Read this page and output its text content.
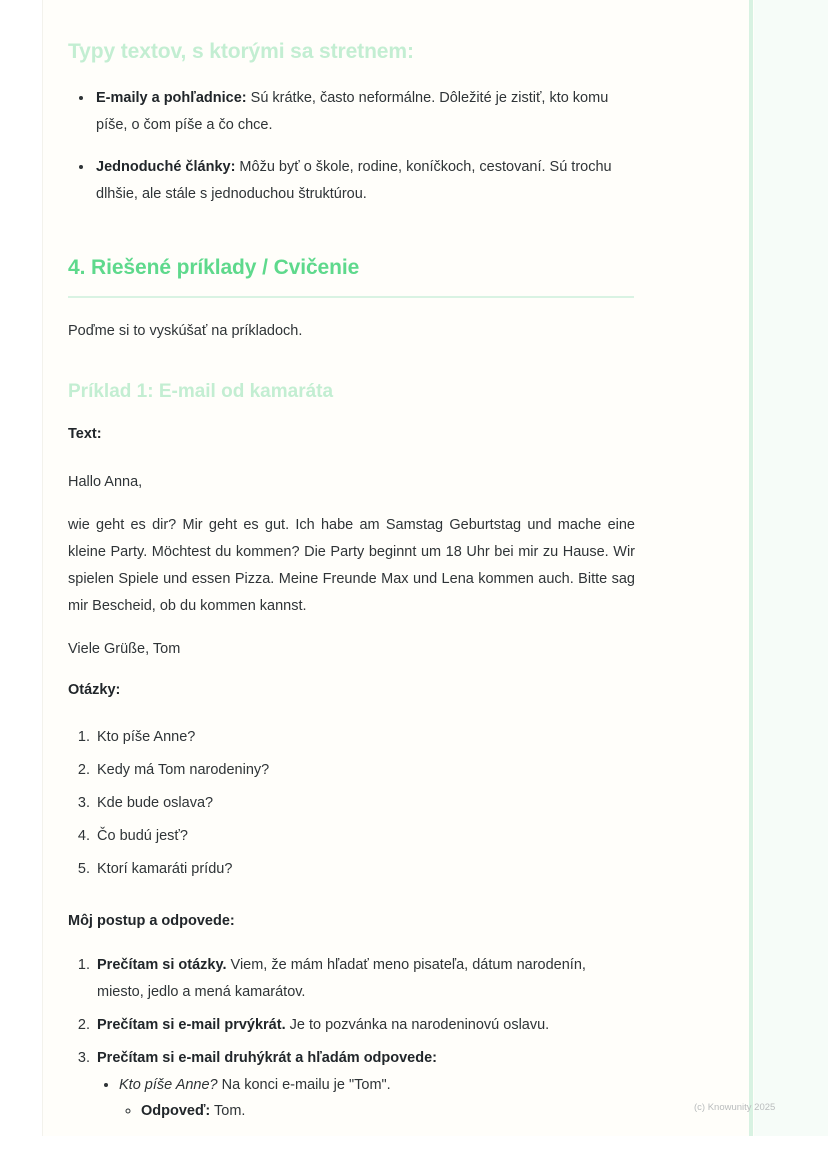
Typy textov, s ktorými sa stretnem:
• E-maily a pohľadnice: Sú krátke, často neformálne. Dôležité je zistiť, kto komu píše, o čom píše a čo chce.
• Jednoduché články: Môžu byť o škole, rodine, koníčkoch, cestovaní. Sú trochu dlhšie, ale stále s jednoduchou štruktúrou.
4. Riešené príklady / Cvičenie

Poďme si to vyskúšať na príkladoch.

Príklad 1: E-mail od kamaráta

Text:

Hallo Anna,

wie geht es dir? Mir geht es gut. Ich habe am Samstag Geburtstag und mache eine kleine Party. Möchtest du kommen? Die Party beginnt um 18 Uhr bei mir zu Hause. Wir spielen Spiele und essen Pizza. Meine Freunde Max und Lena kommen auch. Bitte sag mir Bescheid, ob du kommen kannst.

Viele Grüße, Tom

Otázky:

1. Kto píše Anne?
2. Kedy má Tom narodeniny?
3. Kde bude oslava?
4. Čo budú jesť?
5. Ktorí kamaráti prídu?

Môj postup a odpovede:

1. Prečítam si otázky. Viem, že mám hľadať meno pisateľa, dátum narodenín, miesto, jedlo a mená kamarátov.
2. Prečítam si e-mail prvýkrát. Je to pozvánka na narodeninovú oslavu.
3. Prečítam si e-mail druhýkrát a hľadám odpovede:
• Kto píše Anne? Na konci e-mailu je "Tom".
◦ Odpoveď: Tom.	(c) Knowunity 2025
